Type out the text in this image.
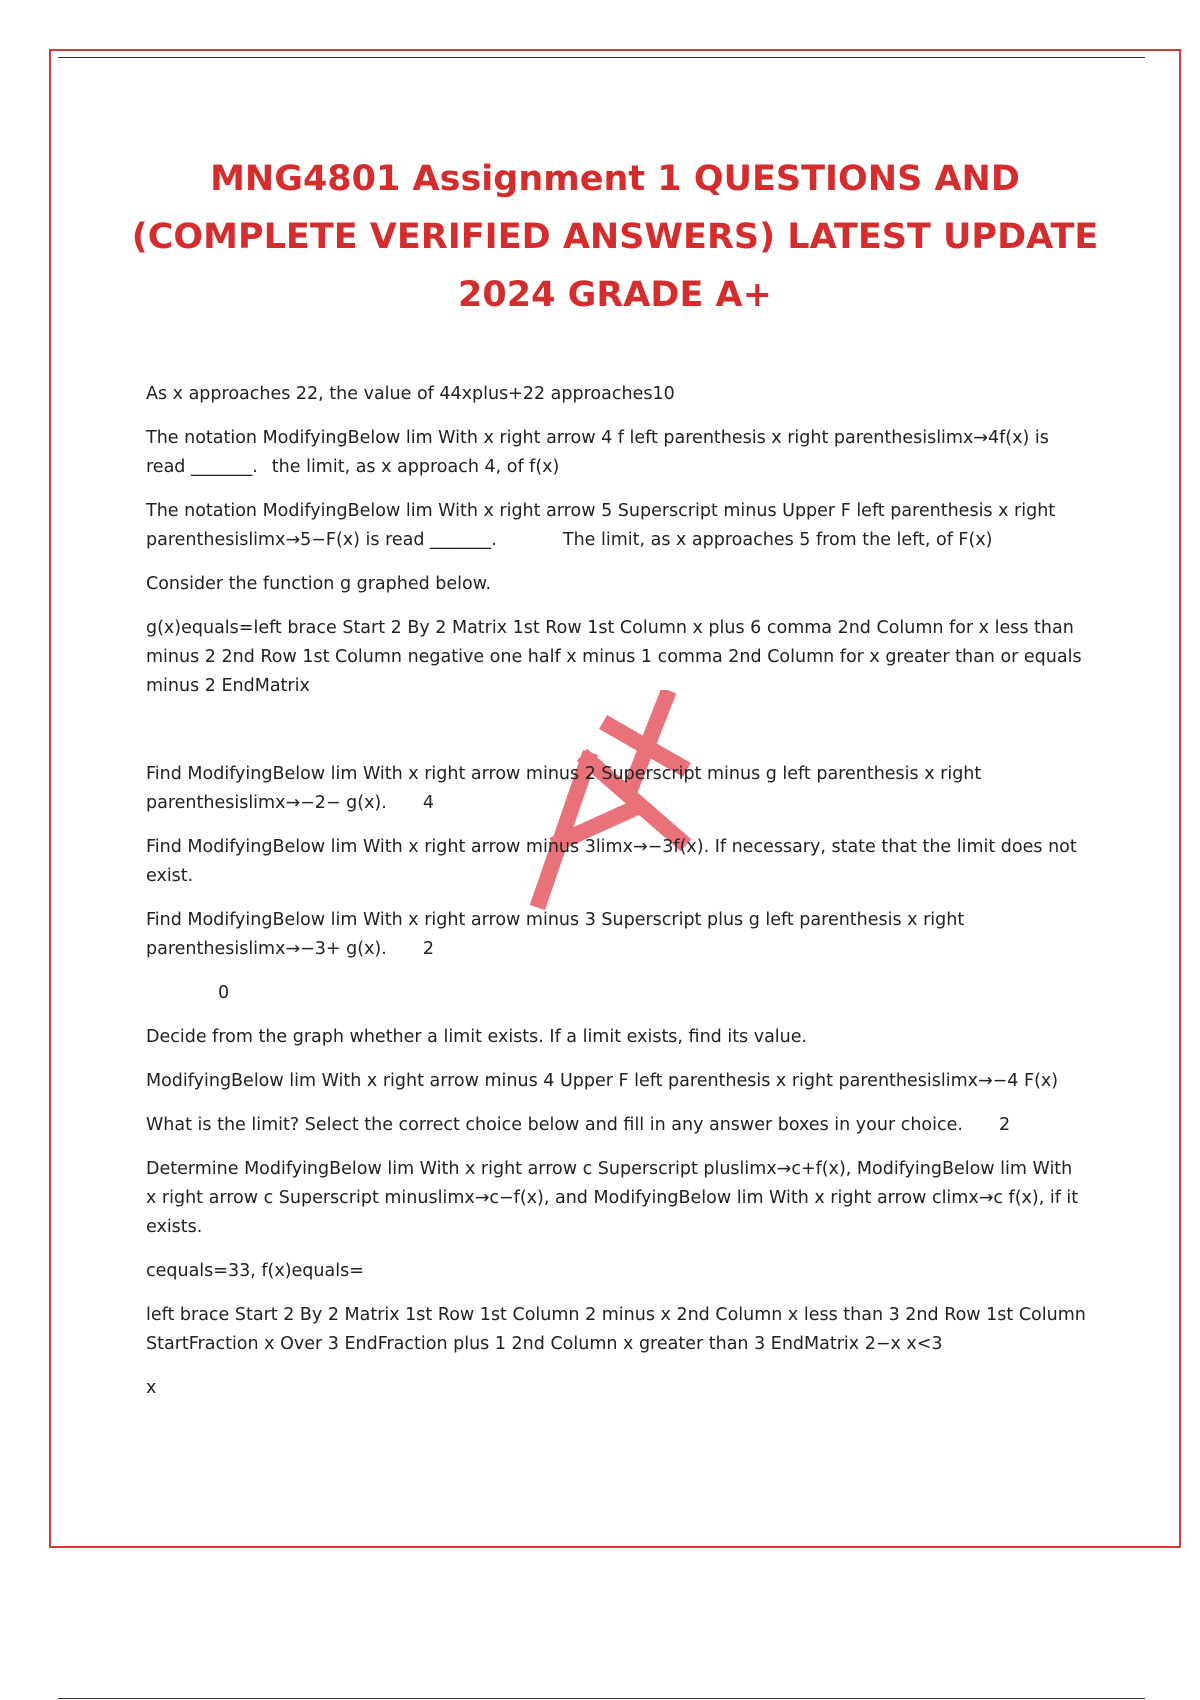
MNG4801 Assignment 1 QUESTIONS AND
(COMPLETE VERIFIED ANSWERS) LATEST UPDATE
2024 GRADE A+

As x approaches 22, the value of 44xplus+22 approaches10

The notation ModifyingBelow lim With x right arrow 4 f left parenthesis x right parenthesislimx→4f(x) is read _______. the limit, as x approach 4, of f(x)

The notation ModifyingBelow lim With x right arrow 5 Superscript minus Upper F left parenthesis x right parenthesislimx→5−F(x) is read _______.	The limit, as x approaches 5 from the left, of F(x)

Consider the function g graphed below.

g(x)equals=left brace Start 2 By 2 Matrix 1st Row 1st Column x plus 6 comma 2nd Column for x less than minus 2 2nd Row 1st Column negative one half x minus 1 comma 2nd Column for x greater than or equals minus 2 EndMatrix

Find ModifyingBelow lim With x right arrow minus 2 Superscript minus g left parenthesis x right parenthesislimx→−2− g(x). 4

Find ModifyingBelow lim With x right arrow minus 3limx→−3f(x). If necessary, state that the limit does not exist.

Find ModifyingBelow lim With x right arrow minus 3 Superscript plus g left parenthesis x right parenthesislimx→−3+ g(x). 2

0

Decide from the graph whether a limit exists. If a limit exists, find its value.

ModifyingBelow lim With x right arrow minus 4 Upper F left parenthesis x right parenthesislimx→−4 F(x)

What is the limit? Select the correct choice below and fill in any answer boxes in your choice. 2

Determine ModifyingBelow lim With x right arrow c Superscript pluslimx→c+f(x), ModifyingBelow lim With x right arrow c Superscript minuslimx→c−f(x), and ModifyingBelow lim With x right arrow climx→c f(x), if it exists.

cequals=33, f(x)equals=

left brace Start 2 By 2 Matrix 1st Row 1st Column 2 minus x 2nd Column x less than 3 2nd Row 1st Column StartFraction x Over 3 EndFraction plus 1 2nd Column x greater than 3 EndMatrix 2−x x<3

x
